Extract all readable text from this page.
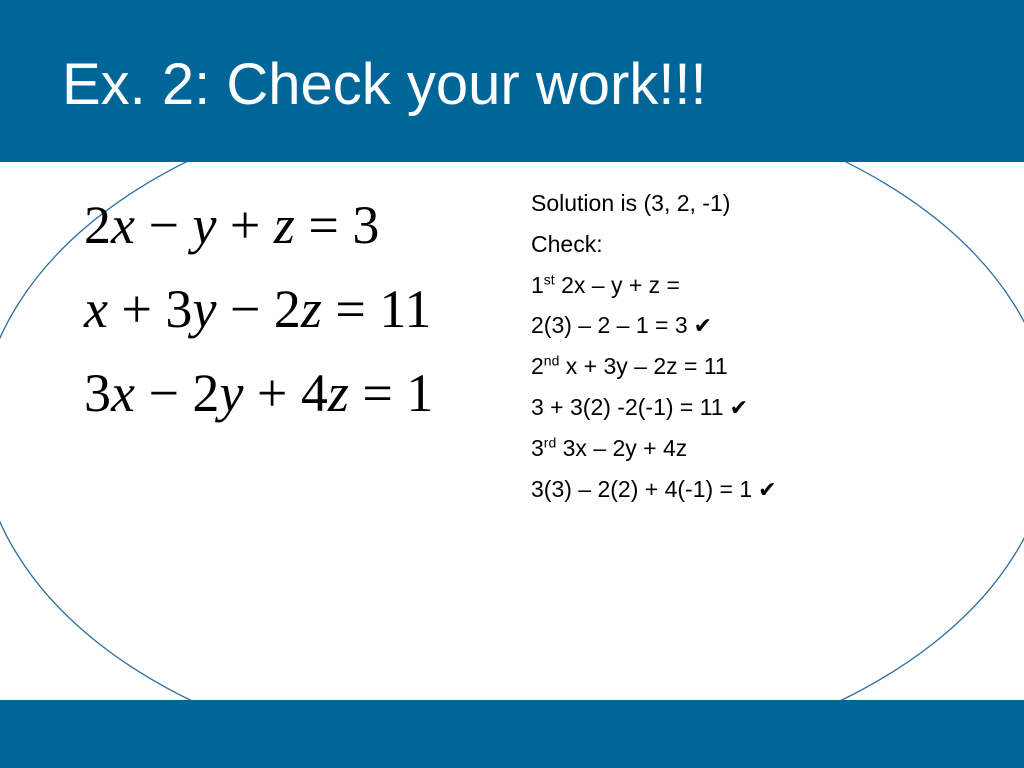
Ex. 2: Check your work!!!
2x − y + z = 3
x + 3y − 2z = 11
3x − 2y + 4z = 1
Solution is (3, 2, -1)
Check:
1st 2x – y + z =
2(3) – 2 – 1 = 3 ✔
2nd x + 3y – 2z = 11
3 + 3(2) -2(-1) = 11 ✔
3rd 3x – 2y + 4z
3(3) – 2(2) + 4(-1) = 1 ✔
